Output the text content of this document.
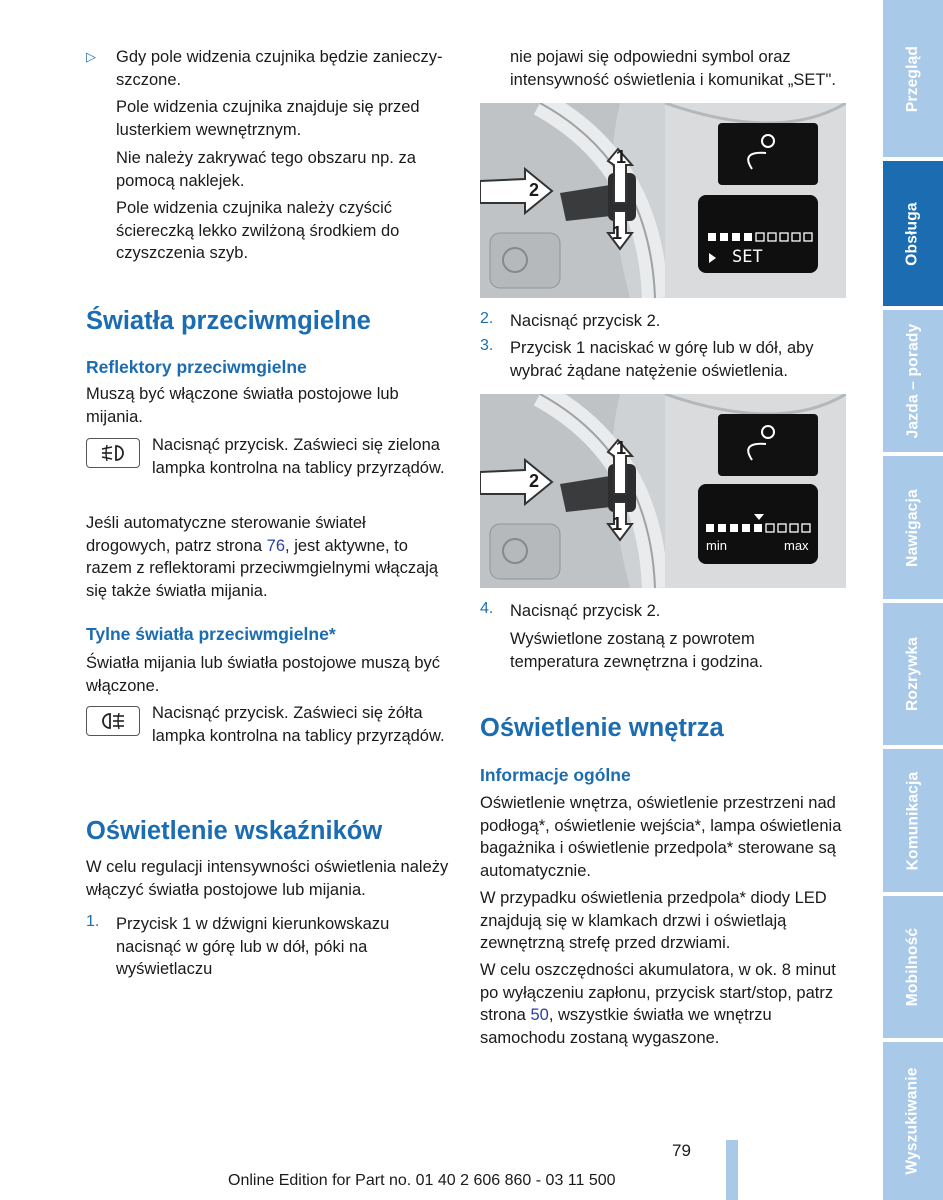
▷ Gdy pole widzenia czujnika będzie zanieczy-szczone.

Pole widzenia czujnika znajduje się przed lusterkiem wewnętrznym.

Nie należy zakrywać tego obszaru np. za pomocą naklejek.

Pole widzenia czujnika należy czyścić ściereczką lekko zwilżoną środkiem do czyszczenia szyb.

Światła przeciwmgielne
Reflektory przeciwmgielne

Muszą być włączone światła postojowe lub mijania.

Nacisnąć przycisk. Zaświeci się zielona lampka kontrolna na tablicy przyrządów.

Jeśli automatyczne sterowanie świateł drogowych, patrz strona 76, jest aktywne, to razem z reflektorami przeciwmgielnymi włączają się także światła mijania.

Tylne światła przeciwmgielne*

Światła mijania lub światła postojowe muszą być włączone.

Nacisnąć przycisk. Zaświeci się żółta lampka kontrolna na tablicy przyrządów.

Oświetlenie wskaźników

W celu regulacji intensywności oświetlenia należy włączyć światła postojowe lub mijania.

1. Przycisk 1 w dźwigni kierunkowskazu nacisnąć w górę lub w dół, póki na wyświetlaczu

nie pojawi się odpowiedni symbol oraz intensywność oświetlenia i komunikat „SET".

1
2
1
SET
2. Nacisnąć przycisk 2.

3. Przycisk 1 naciskać w górę lub w dół, aby wybrać żądane natężenie oświetlenia.

1
2
1
min	max
4. Nacisnąć przycisk 2.

Wyświetlone zostaną z powrotem temperatura zewnętrzna i godzina.

Oświetlenie wnętrza
Informacje ogólne

Oświetlenie wnętrza, oświetlenie przestrzeni nad podłogą*, oświetlenie wejścia*, lampa oświetlenia bagażnika i oświetlenie przedpola* sterowane są automatycznie.

W przypadku oświetlenia przedpola* diody LED znajdują się w klamkach drzwi i oświetlają zewnętrzną strefę przed drzwiami.

W celu oszczędności akumulatora, w ok. 8 minut po wyłączeniu zapłonu, przycisk start/stop, patrz strona 50, wszystkie światła we wnętrzu samochodu zostaną wygaszone.

Przegląd
Obsługa
Jazda – porady
Nawigacja
Rozrywka
Komunikacja
Mobilność
Wyszukiwanie
79
Online Edition for Part no. 01 40 2 606 860 - 03 11 500
